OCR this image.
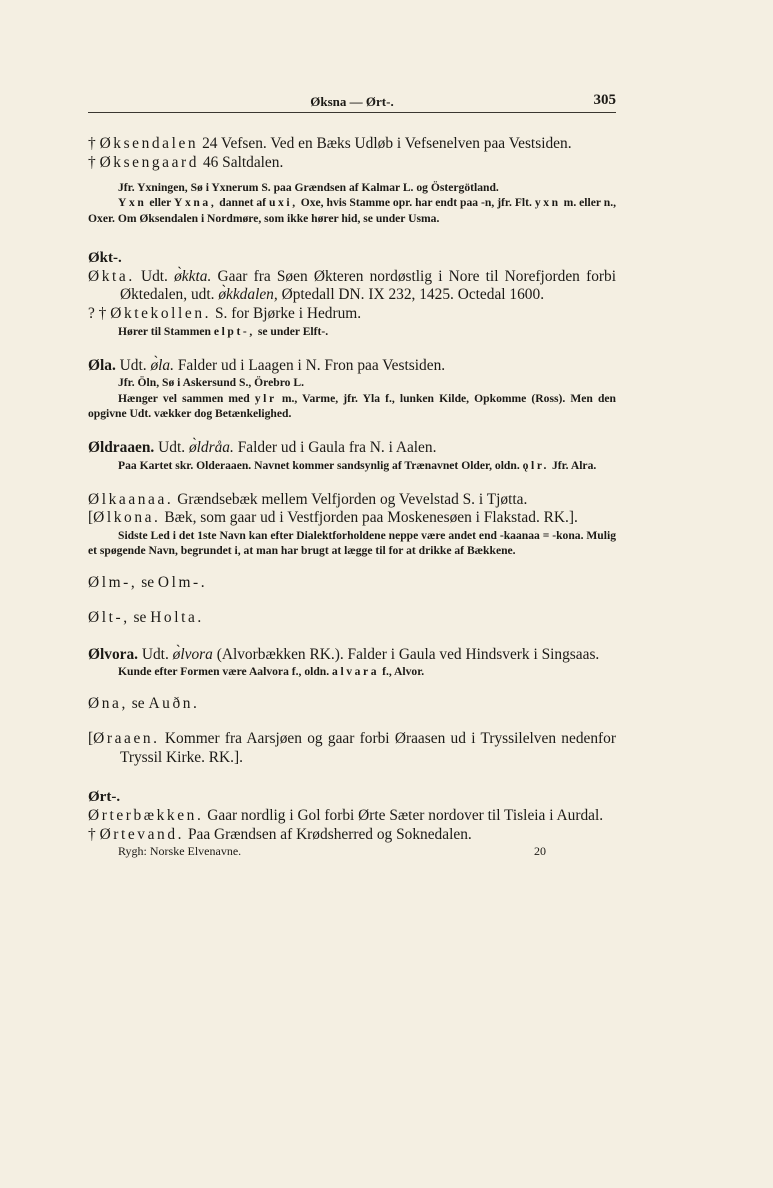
Øksna — Ørt-.	305
† Øksendalen 24 Vefsen. Ved en Bæks Udløb i Vefsenelven paa Vestsiden.
† Øksengaard 46 Saltdalen.
Jfr. Yxningen, Sø i Yxnerum S. paa Grændsen af Kalmar L. og Östergötland.
Yxn eller Yxna, dannet af uxi, Oxe, hvis Stamme opr. har endt paa -n, jfr. Flt. yxn m. eller n., Oxer. Om Øksendalen i Nordmøre, som ikke hører hid, se under Usma.
Økt-.
Økta. Udt. ø̀kkta. Gaar fra Søen Økteren nordøstlig i Nore til Norefjorden forbi Øktedalen, udt. ø̀kkdalen, Øptedall DN. IX 232, 1425. Octedal 1600.
? † Øktekollen. S. for Bjørke i Hedrum.
Hører til Stammen elpt-, se under Elft-.
Øla. Udt. ø̀la. Falder ud i Laagen i N. Fron paa Vestsiden.
Jfr. Öln, Sø i Askersund S., Örebro L.
Hænger vel sammen med ylr m., Varme, jfr. Yla f., lunken Kilde, Opkomme (Ross). Men den opgivne Udt. vækker dog Betænkelighed.
Øldraaen. Udt. ø̀ldråa. Falder ud i Gaula fra N. i Aalen.
Paa Kartet skr. Olderaaen. Navnet kommer sandsynlig af Trænavnet Older, oldn. ǫlr. Jfr. Alra.
Ølkaanaa. Grændsebæk mellem Velfjorden og Vevelstad S. i Tjøtta.
[Ølkona. Bæk, som gaar ud i Vestfjorden paa Moskenesøen i Flakstad. RK.].
Sidste Led i det 1ste Navn kan efter Dialektforholdene neppe være andet end -kaanaa = -kona. Mulig et spøgende Navn, begrundet i, at man har brugt at lægge til for at drikke af Bækkene.
Ølm-, se Olm-.
Ølt-, se Holta.
Ølvora. Udt. ø̀lvora (Alvorbækken RK.). Falder i Gaula ved Hindsverk i Singsaas.
Kunde efter Formen være Aalvora f., oldn. alvara f., Alvor.
Øna, se Auðn.
[Øraaen. Kommer fra Aarsjøen og gaar forbi Øraasen ud i Tryssilelven nedenfor Tryssil Kirke. RK.].
Ørt-.
Ørterbækken. Gaar nordlig i Gol forbi Ørte Sæter nordover til Tisleia i Aurdal.
† Ørtevand. Paa Grændsen af Krødsherred og Soknedalen.
Rygh: Norske Elvenavne.	20
